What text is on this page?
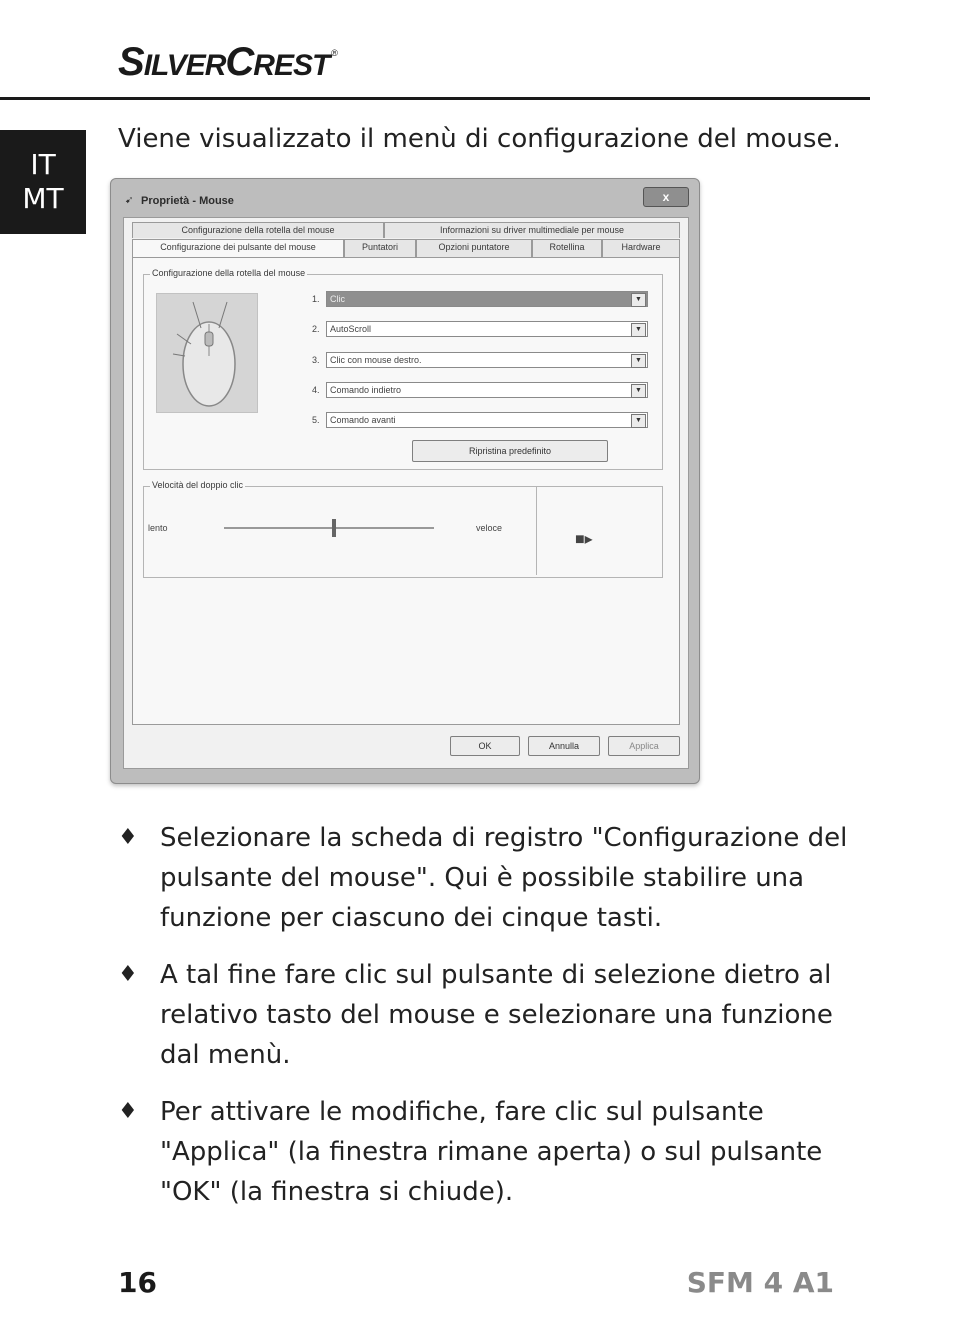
SILVERCREST ®
IT
MT
Viene visualizzato il menù di configurazione del mouse.
➹ Proprietà - Mouse	x
Configurazione della rotella del mouse	Informazioni su driver multimediale per mouse
Configurazione dei pulsante del mouse	Puntatori	Opzioni puntatore	Rotellina	Hardware
Configurazione della rotella del mouse
1.	Clic	▼
2.	AutoScroll	▼
3.	Clic con mouse destro.	▼
4.	Comando indietro	▼
5.	Comando avanti	▼
Ripristina predefinito
Velocità del doppio clic
lento	veloce
■▸
OK	Annulla	Applica
♦ Selezionare la scheda di registro "Configurazione del pulsante del mouse". Qui è possibile stabilire una funzione per ciascuno dei cinque tasti.
♦ A tal fine fare clic sul pulsante di selezione dietro al relativo tasto del mouse e selezionare una funzione dal menù.
♦ Per attivare le modifiche, fare clic sul pulsante "Applica" (la finestra rimane aperta) o sul pulsante "OK" (la finestra si chiude).
16	SFM 4 A1
